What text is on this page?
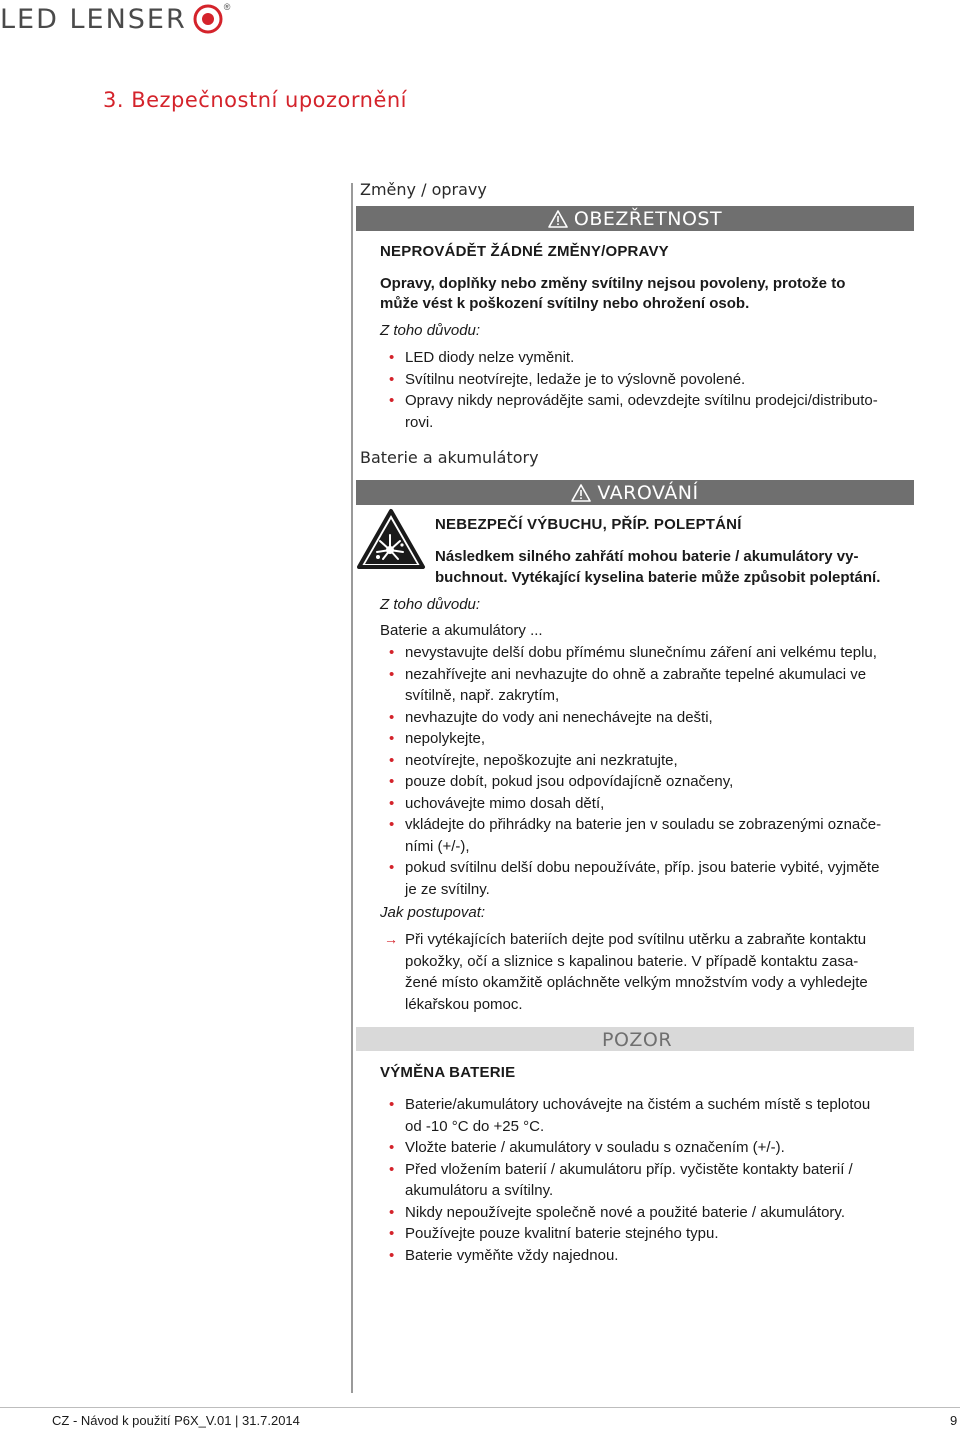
LED LENSER	®
3. Bezpečnostní upozornění
Změny / opravy
OBEZŘETNOST
NEPROVÁDĚT ŽÁDNÉ ZMĚNY/OPRAVY
Opravy, doplňky nebo změny svítilny nejsou povoleny, protože to
může vést k poškození svítilny nebo ohrožení osob.
Z toho důvodu:
• LED diody nelze vyměnit.
• Svítilnu neotvírejte, ledaže je to výslovně povolené.
• Opravy nikdy neprovádějte sami, odevzdejte svítilnu prodejci/distributo-
rovi.
Baterie a akumulátory
VAROVÁNÍ
NEBEZPEČÍ VÝBUCHU, PŘÍP. POLEPTÁNÍ
Následkem silného zahřátí mohou baterie / akumulátory vy-
buchnout. Vytékající kyselina baterie může způsobit poleptání.
Z toho důvodu:
Baterie a akumulátory ...
• nevystavujte delší dobu přímému slunečnímu záření ani velkému teplu,
• nezahřívejte ani nevhazujte do ohně a zabraňte tepelné akumulaci ve
svítilně, např. zakrytím,
• nevhazujte do vody ani nenechávejte na dešti,
• nepolykejte,
• neotvírejte, nepoškozujte ani nezkratujte,
• pouze dobít, pokud jsou odpovídajícně označeny,
• uchovávejte mimo dosah dětí,
• vkládejte do přihrádky na baterie jen v souladu se zobrazenými označe-
ními (+/-),
• pokud svítilnu delší dobu nepoužíváte, příp. jsou baterie vybité, vyjměte
je ze svítilny.
Jak postupovat:
→ Při vytékajících bateriích dejte pod svítilnu utěrku a zabraňte kontaktu
pokožky, očí a sliznice s kapalinou baterie. V případě kontaktu zasa-
žené místo okamžitě opláchněte velkým množstvím vody a vyhledejte
lékařskou pomoc.
POZOR
VÝMĚNA BATERIE
• Baterie/akumulátory uchovávejte na čistém a suchém místě s teplotou
od -10 °C do +25 °C.
• Vložte baterie / akumulátory v souladu s označením (+/-).
• Před vložením baterií / akumulátoru příp. vyčistěte kontakty baterií /
akumulátoru a svítilny.
• Nikdy nepoužívejte společně nové a použité baterie / akumulátory.
• Používejte pouze kvalitní baterie stejného typu.
• Baterie vyměňte vždy najednou.
CZ - Návod k použití P6X_V.01 | 31.7.2014	9
